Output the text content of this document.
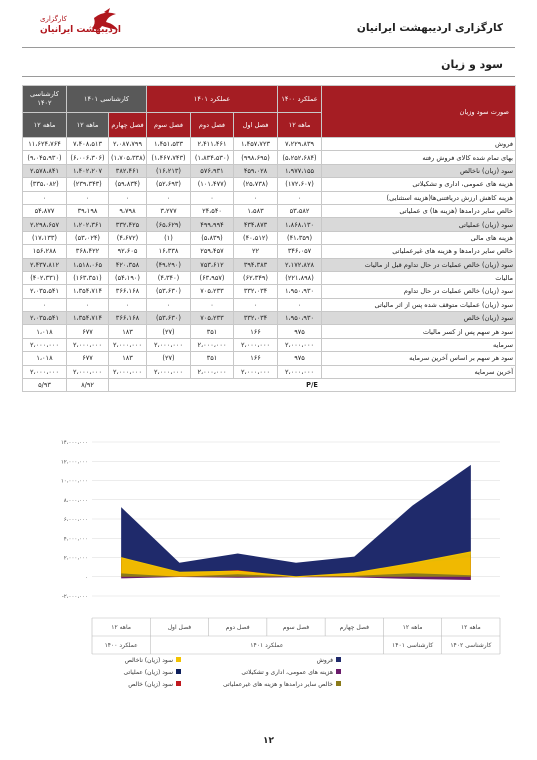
کارگزاری
اردیبهشت ایرانیان	کارگزاری اردیبهشت ایرانیان
سود و زیان
کارشناسی ۱۴۰۲	کارشناسی ۱۴۰۱		عملکرد ۱۴۰۱			عملکرد ۱۴۰۰	صورت سود وزیان
۱۲ ماهه	۱۲ ماهه	فصل چهارم	فصل سوم	فصل دوم	فصل اول	۱۲ ماهه	
۱۱،۶۲۴،۷۶۴	۷،۴۰۸،۵۱۳	۲،۰۸۷،۷۹۹	۱،۴۵۱،۵۳۳	۲،۴۱۱،۴۶۱	۱،۴۵۷،۷۲۳	۷،۲۲۹،۸۳۹	فروش
(۹،۰۴۵،۹۳۰)	(۶،۰۰۶،۳۰۶)	(۱،۷۰۵،۳۳۸)	(۱،۴۶۷،۷۴۳)	(۱،۸۳۴،۵۳۰)	(۹۹۸،۶۹۵)	(۵،۲۵۲،۶۸۴)	بهای تمام شده کالای فروش رفته
۲،۵۷۸،۸۴۱	۱،۴۰۲،۲۰۷	۳۸۲،۴۶۱	(۱۶،۲۱۳)	۵۷۶،۹۳۱	۴۵۹،۰۲۸	۱،۹۷۷،۱۵۵	سود (زیان) ناخالص
(۳۳۵،۰۸۲)	(۲۳۹،۳۴۳)	(۵۹،۸۳۴)	(۵۲،۶۹۳)	(۱۰۱،۴۷۷)	(۲۵،۷۳۸)	(۱۷۲،۶۰۷)	هزینه های عمومی، اداری و تشکیلاتی
۰	۰	۰	۰	۰	۰	۰	هزینه کاهش ارزش دریافتنی‌ها(هزینه استثنایی)
۵۴،۸۷۷	۳۹،۱۹۸	۹،۷۹۸	۳،۲۷۷	۲۴،۵۴۰	۱،۵۸۳	۵۳،۵۸۲	خالص سایر درامدها (هزینه ها) ی عملیاتی
۲،۲۹۸،۶۵۷	۱،۲۰۲،۳۶۱	۳۳۲،۴۲۵	(۶۵،۶۲۹)	۴۹۹،۹۹۴	۴۳۴،۸۷۳	۱،۸۶۸،۱۳۰	سود (زیان) عملیاتی
(۱۷،۱۳۳)	(۵۳،۰۲۴)	(۴،۶۷۲)	(۱)	(۵،۸۳۹)	(۴۰،۵۱۲)	(۴۱،۳۵۹)	هزینه های مالی
۱۵۶،۲۸۸	۳۶۸،۴۲۲	۹۲،۶۰۵	۱۶،۳۳۸	۲۵۹،۴۵۷	۲۲	۳۴۶،۰۵۷	خالص سایر درامدها و هزینه های غیرعملیاتی
۲،۴۳۷،۸۱۲	۱،۵۱۸،۰۶۵	۴۲۰،۳۵۸	(۴۹،۲۹۰)	۷۵۳،۶۱۲	۳۹۴،۳۸۳	۲،۱۷۲،۸۲۸	سود (زیان) خالص عملیات در حال تداوم قبل از مالیات
(۴۰۲،۳۳۱)	(۱۶۳،۳۵۱)	(۵۴،۱۹۰)	(۴،۳۴۰)	(۶۳،۹۵۷)	(۶۲،۳۴۹)	(۲۲۱،۸۹۸)	مالیات
۲،۰۳۵،۵۴۱	۱،۳۵۴،۷۱۴	۳۶۶،۱۶۸	(۵۳،۶۳۰)	۷۰۵،۲۳۳	۳۳۲،۰۳۴	۱،۹۵۰،۹۳۰	سود (زیان) خالص عملیات در حال تداوم
۰	۰	۰	۰	۰	۰	۰	سود (زیان) عملیات متوقف شده پس از اثر مالیاتی
۲،۰۳۵،۵۴۱	۱،۳۵۴،۷۱۴	۳۶۶،۱۶۸	(۵۳،۶۳۰)	۷۰۵،۲۳۳	۳۳۲،۰۳۴	۱،۹۵۰،۹۳۰	سود (زیان) خالص
۱،۰۱۸	۶۷۷	۱۸۳	(۲۷)	۳۵۱	۱۶۶	۹۷۵	سود هر سهم پس از کسر مالیات
۲،۰۰۰،۰۰۰	۲،۰۰۰،۰۰۰	۲،۰۰۰،۰۰۰	۲،۰۰۰،۰۰۰	۲،۰۰۰،۰۰۰	۲،۰۰۰،۰۰۰	۲،۰۰۰،۰۰۰	سرمایه
۱،۰۱۸	۶۷۷	۱۸۳	(۲۷)	۳۵۱	۱۶۶	۹۷۵	سود هر سهم بر اساس آخرین سرمایه
۲،۰۰۰،۰۰۰	۲،۰۰۰،۰۰۰	۲،۰۰۰،۰۰۰	۲،۰۰۰،۰۰۰	۲،۰۰۰،۰۰۰	۲،۰۰۰،۰۰۰	۲،۰۰۰،۰۰۰	آخرین سرمایه
۵/۹۳	۸/۹۲	P/E					
۱۴،۰۰۰،۰۰۰
۱۲،۰۰۰،۰۰۰
۱۰،۰۰۰،۰۰۰
۸،۰۰۰،۰۰۰
۶،۰۰۰،۰۰۰
۴،۰۰۰،۰۰۰
۲،۰۰۰،۰۰۰
۰
-۲،۰۰۰،۰۰۰
۱۲ ماهه	فصل اول	فصل دوم	فصل سوم	فصل چهارم	۱۲ ماهه	۱۲ ماهه
عملکرد ۱۴۰۰	عملکرد ۱۴۰۱	کارشناسی ۱۴۰۱	کارشناسی ۱۴۰۲
فروش
سود (زیان) ناخالص
هزینه های عمومی، اداری و تشکیلاتی
سود (زیان) عملیاتی
خالص سایر درامدها و هزینه های غیرعملیاتی
سود (زیان) خالص
۱۲
